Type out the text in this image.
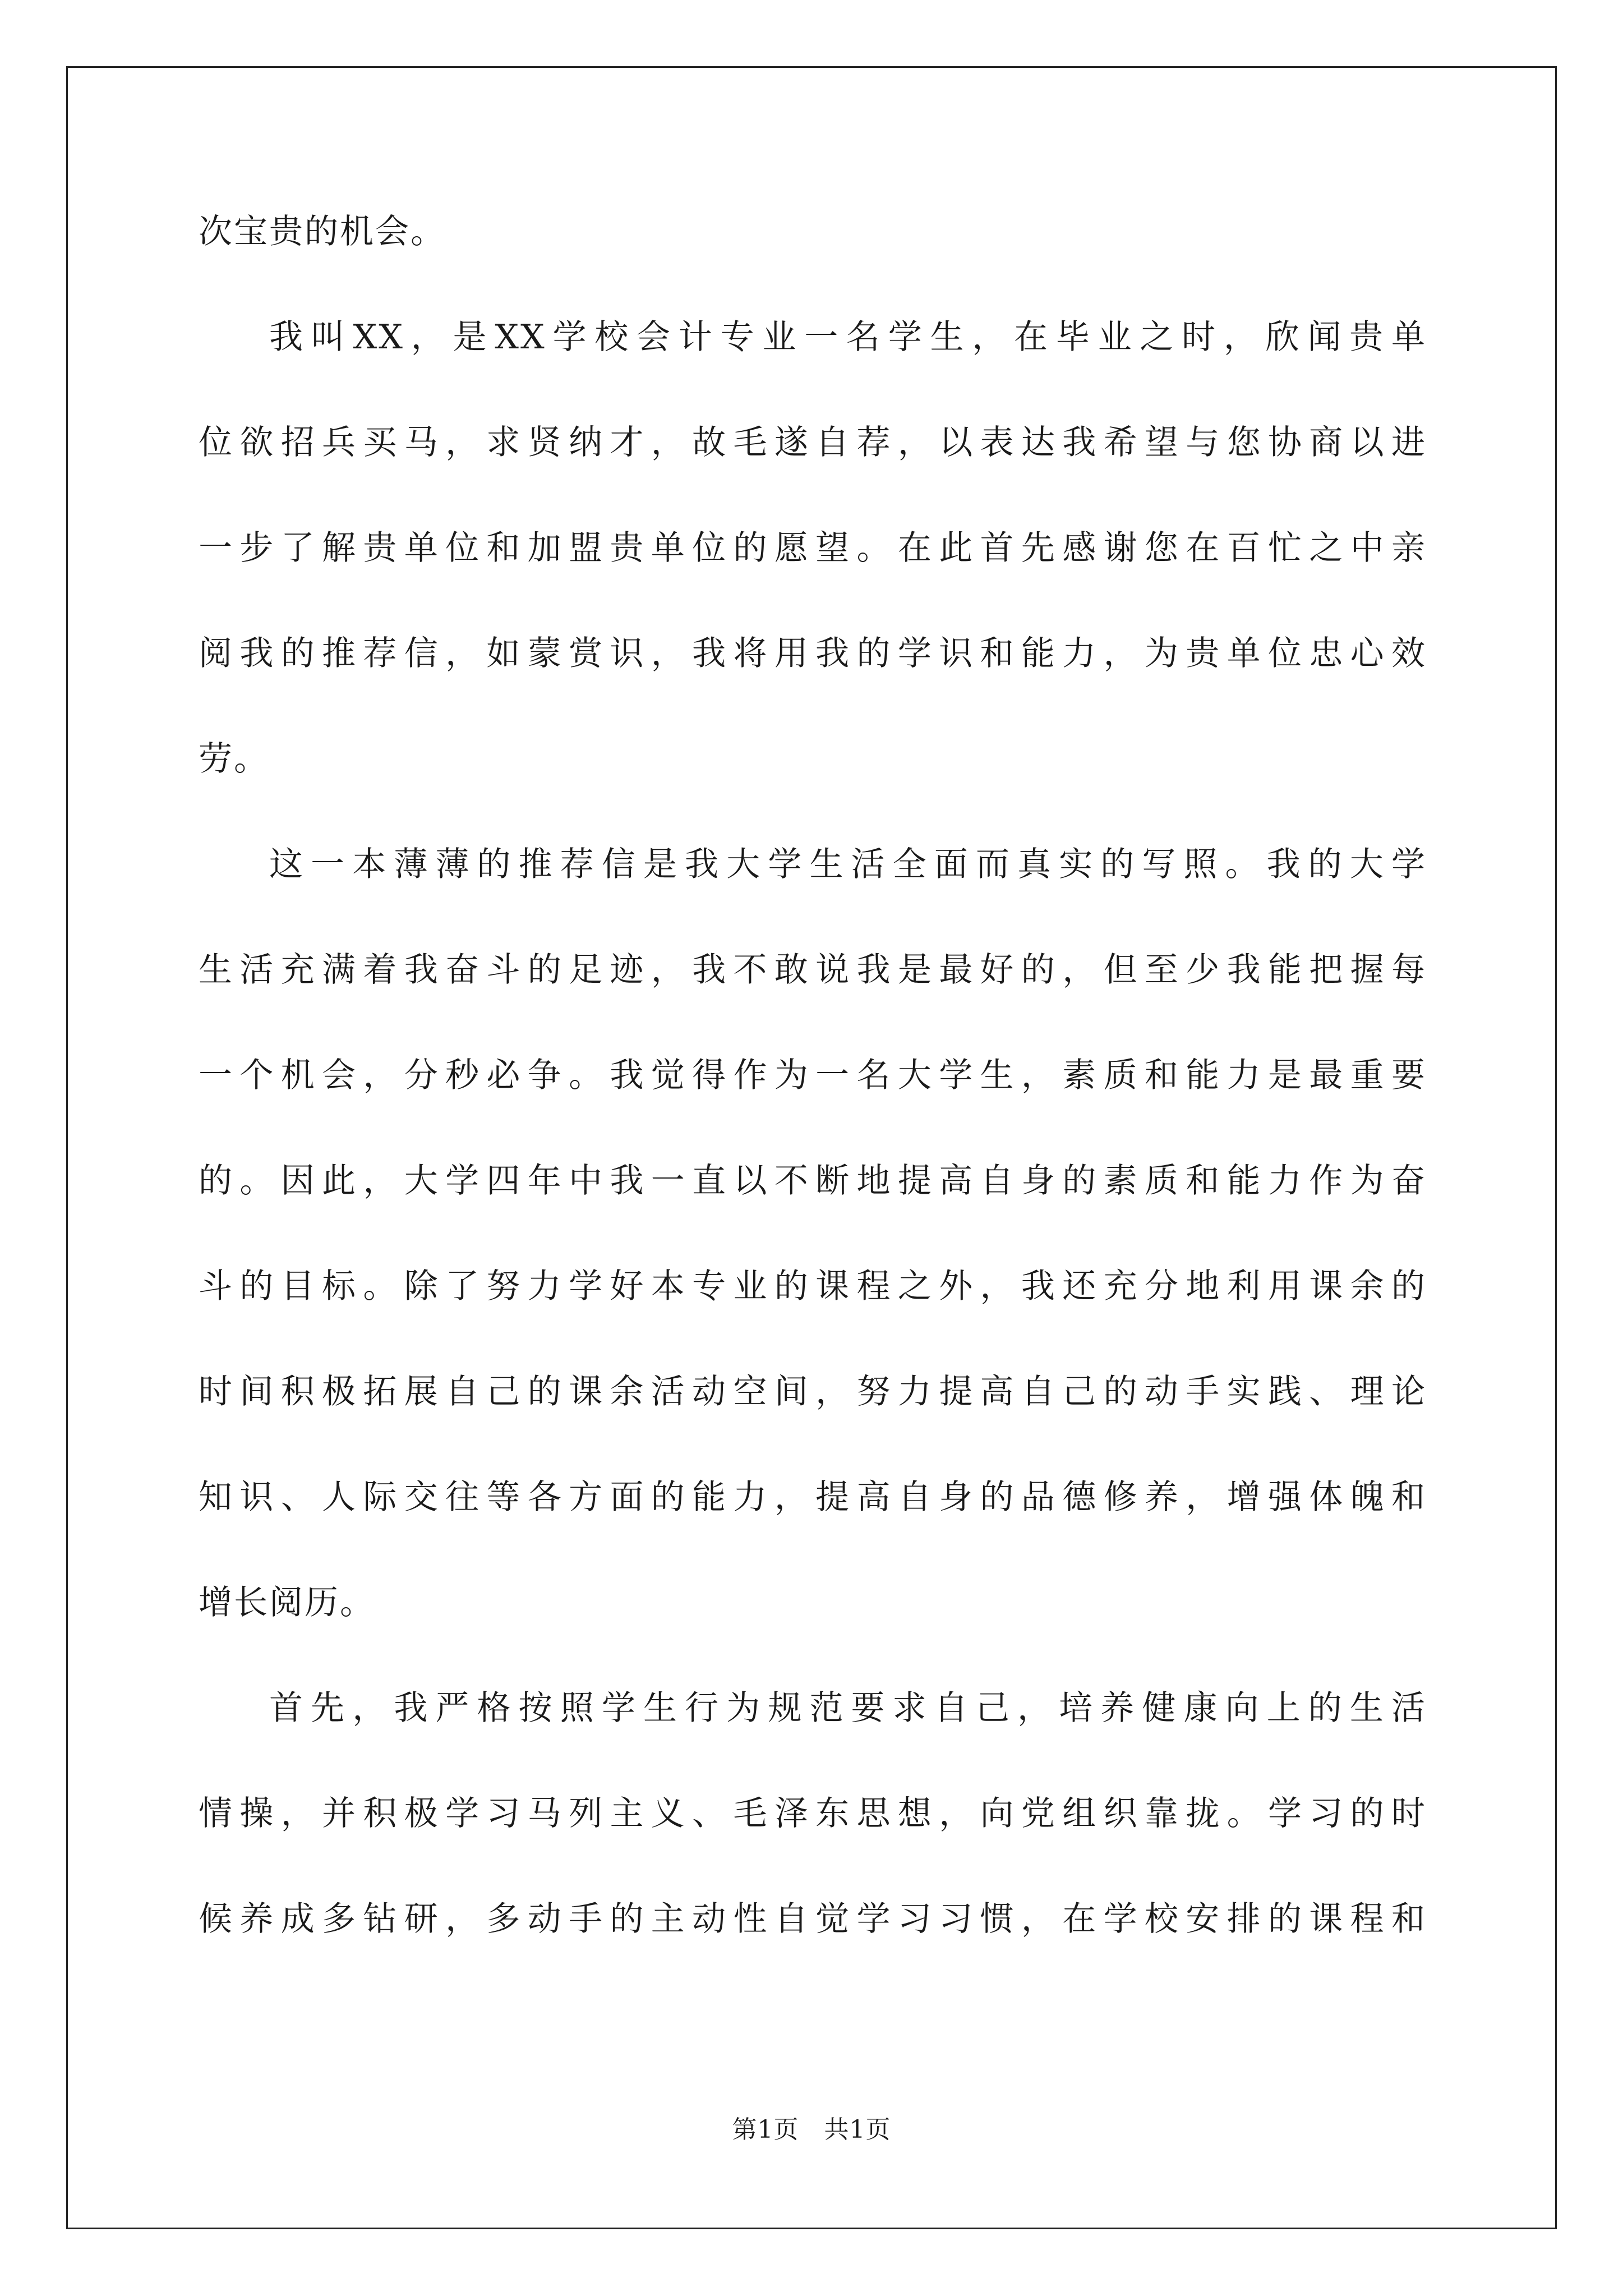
次宝贵的机会。
我叫XX，是XX学校会计专业一名学生，在毕业之时，欣闻贵单
位欲招兵买马，求贤纳才，故毛遂自荐，以表达我希望与您协商以进
一步了解贵单位和加盟贵单位的愿望。在此首先感谢您在百忙之中亲
阅我的推荐信，如蒙赏识，我将用我的学识和能力，为贵单位忠心效
劳。
这一本薄薄的推荐信是我大学生活全面而真实的写照。我的大学
生活充满着我奋斗的足迹，我不敢说我是最好的，但至少我能把握每
一个机会，分秒必争。我觉得作为一名大学生，素质和能力是最重要
的。因此，大学四年中我一直以不断地提高自身的素质和能力作为奋
斗的目标。除了努力学好本专业的课程之外，我还充分地利用课余的
时间积极拓展自己的课余活动空间，努力提高自己的动手实践、理论
知识、人际交往等各方面的能力，提高自身的品德修养，增强体魄和
增长阅历。
首先，我严格按照学生行为规范要求自己，培养健康向上的生活
情操，并积极学习马列主义、毛泽东思想，向党组织靠拢。学习的时
候养成多钻研，多动手的主动性自觉学习习惯，在学校安排的课程和
第1页　共1页
